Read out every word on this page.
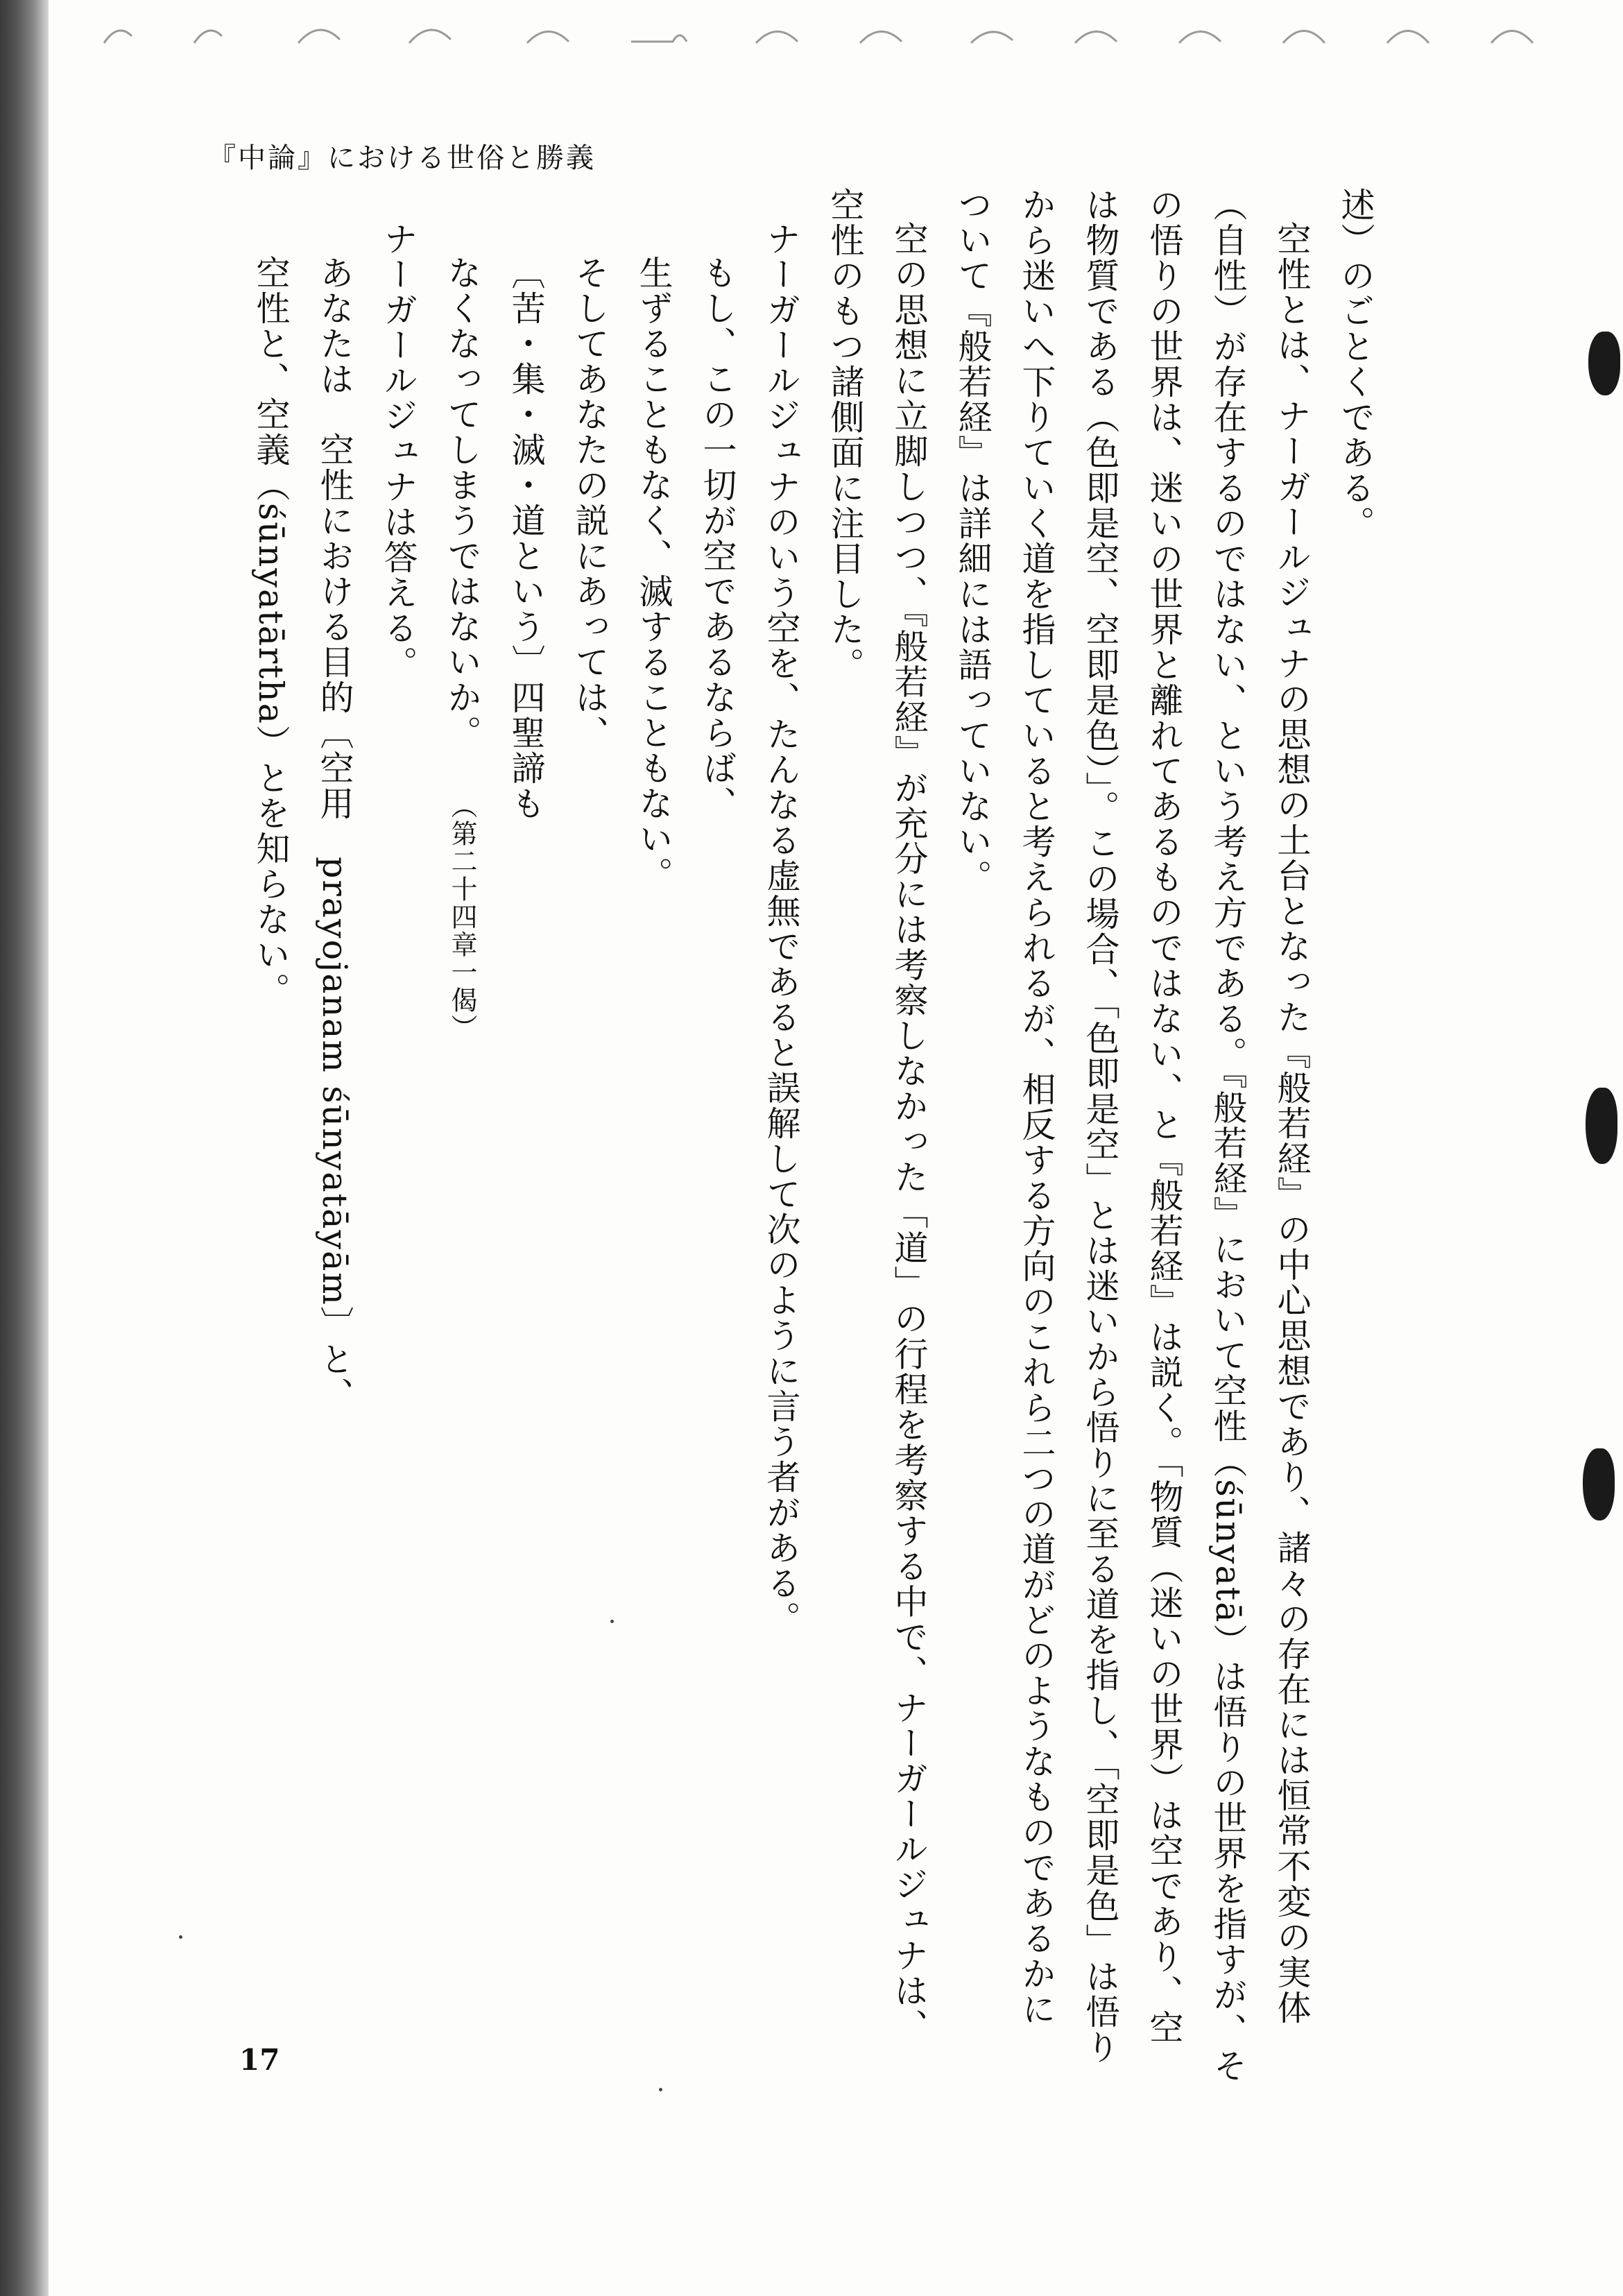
『中論』における世俗と勝義
述）のごとくである。
空性とは、ナーガールジュナの思想の土台となった『般若経』の中心思想であり、諸々の存在には恒常不変の実体
（自性）が存在するのではない、という考え方である。『般若経』において空性（śūnyatā）は悟りの世界を指すが、そ
の悟りの世界は、迷いの世界と離れてあるものではない、と『般若経』は説く。「物質（迷いの世界）は空であり、空
は物質である（色即是空、空即是色）」。この場合、「色即是空」とは迷いから悟りに至る道を指し、「空即是色」は悟り
から迷いへ下りていく道を指していると考えられるが、相反する方向のこれら二つの道がどのようなものであるかに
ついて『般若経』は詳細には語っていない。
空の思想に立脚しつつ、『般若経』が充分には考察しなかった「道」の行程を考察する中で、ナーガールジュナは、
空性のもつ諸側面に注目した。
ナーガールジュナのいう空を、たんなる虚無であると誤解して次のように言う者がある。
もし、この一切が空であるならば、
生ずることもなく、滅することもない。
そしてあなたの説にあっては、
〔苦・集・滅・道という〕四聖諦も
なくなってしまうではないか。（第二十四章一偈）
ナーガールジュナは答える。
あなたは　空性における目的〔空用　prayojanam śūnyatāyām〕と、
空性と、空義（śūnyatārtha）とを知らない。
17
